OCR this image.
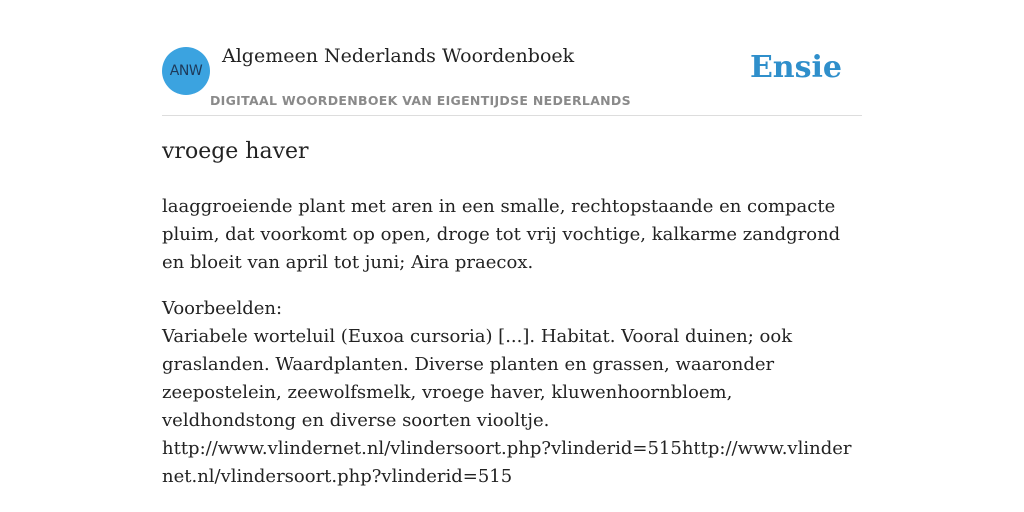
ANW
Algemeen Nederlands Woordenboek
DIGITAAL WOORDENBOEK VAN EIGENTIJDSE NEDERLANDS
Ensie
vroege haver
laaggroeiende plant met aren in een smalle, rechtopstaande en compacte pluim, dat voorkomt op open, droge tot vrij vochtige, kalkarme zandgrond en bloeit van april tot juni; Aira praecox.

Voorbeelden:

Variabele worteluil (Euxoa cursoria) [...]. Habitat. Vooral duinen; ook graslanden. Waardplanten. Diverse planten en grassen, waaronder zeepostelein, zeewolfsmelk, vroege haver, kluwenhoornbloem, veldhondstong en diverse soorten viooltje.

http://www.vlindernet.nl/vlindersoort.php?vlinderid=515http://www.vlindernet.nl/vlindersoort.php?vlinderid=515
